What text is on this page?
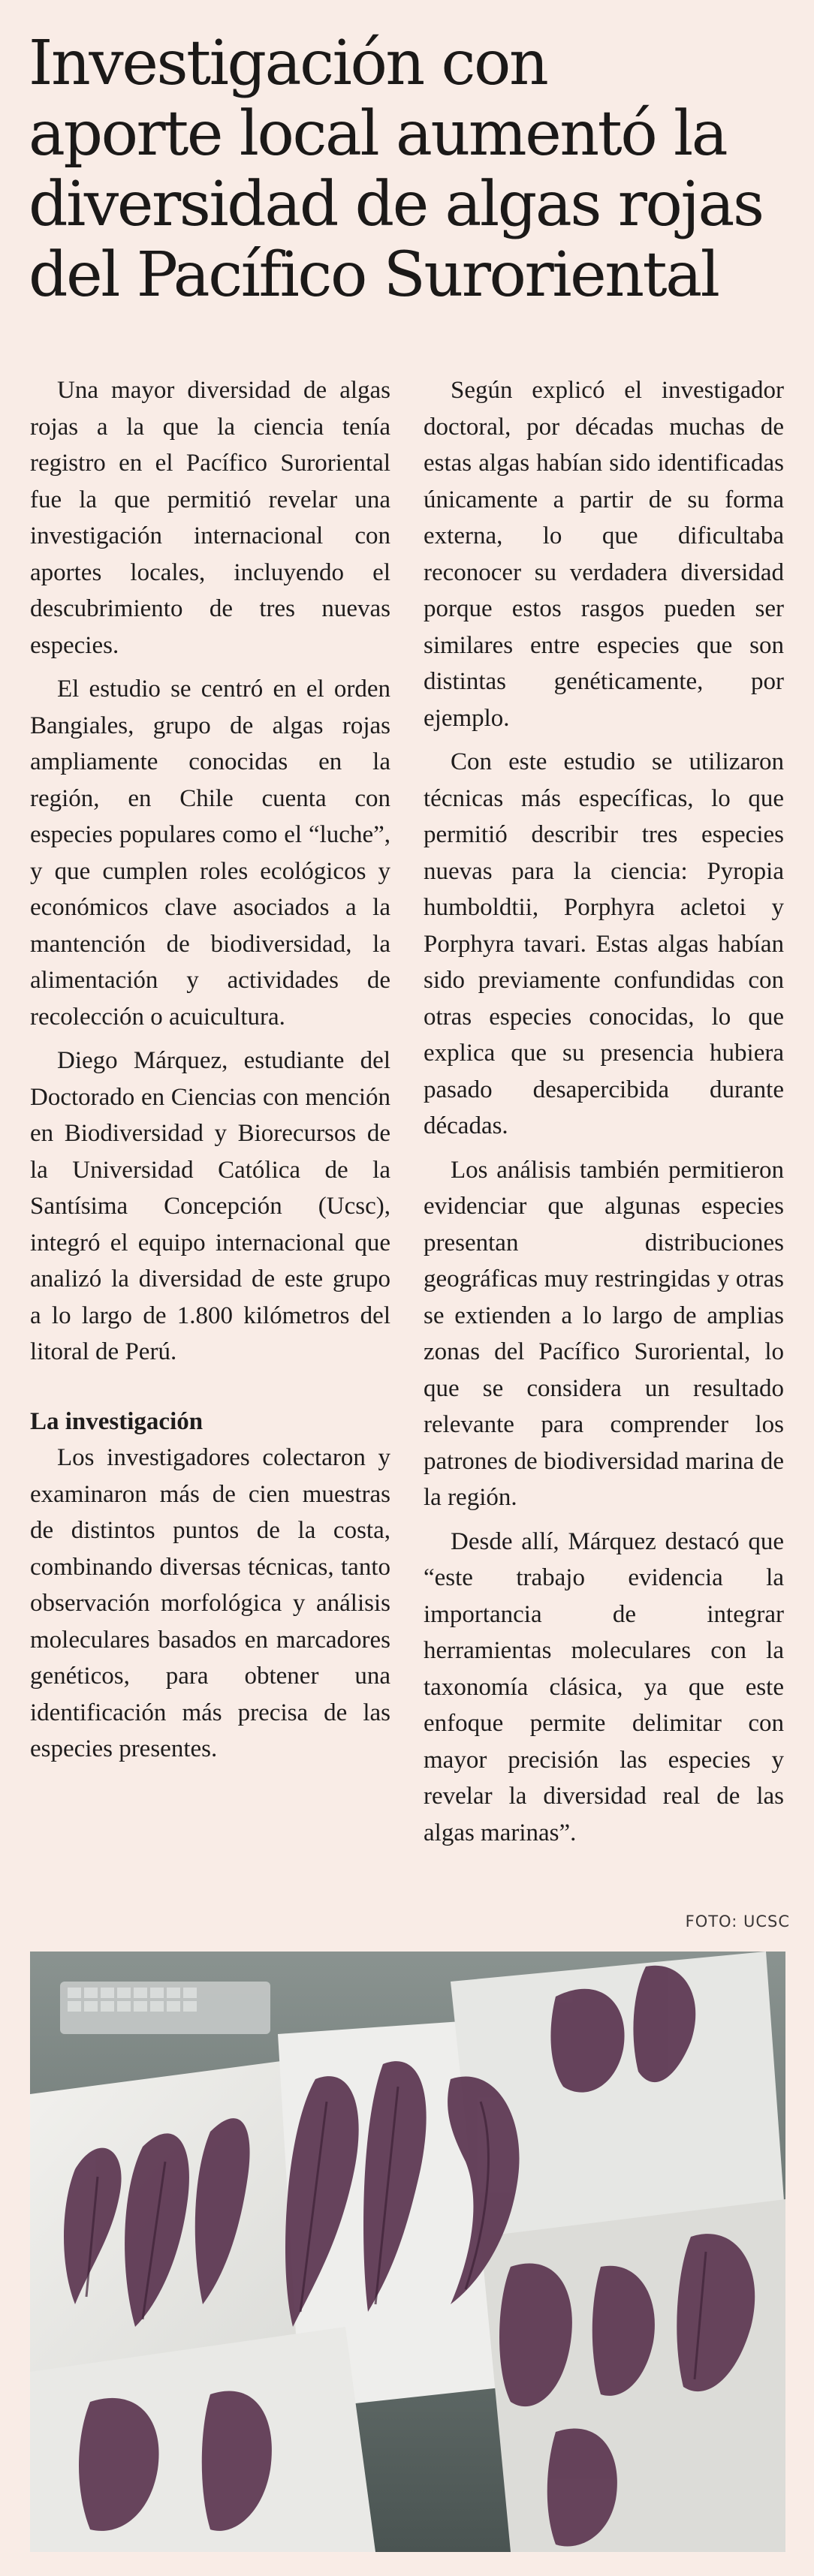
Investigación con
aporte local aumentó la
diversidad de algas rojas
del Pacífico Suroriental

Una mayor diversidad de algas rojas a la que la ciencia tenía registro en el Pacífico Suroriental fue la que permitió revelar una investigación internacional con aportes locales, incluyendo el descubrimiento de tres nuevas especies.

El estudio se centró en el orden Bangiales, grupo de algas rojas ampliamente conocidas en la región, en Chile cuenta con especies populares como el “luche”, y que cumplen roles ecológicos y económicos clave asociados a la mantención de biodiversidad, la alimentación y actividades de recolección o acuicultura.

Diego Márquez, estudiante del Doctorado en Ciencias con mención en Biodiversidad y Biorecursos de la Universidad Católica de la Santísima Concepción (Ucsc), integró el equipo internacional que analizó la diversidad de este grupo a lo largo de 1.800 kilómetros del litoral de Perú.

La investigación

Los investigadores colectaron y examinaron más de cien muestras de distintos puntos de la costa, combinando diversas técnicas, tanto observación morfológica y análisis moleculares basados en marcadores genéticos, para obtener una identificación más precisa de las especies presentes.

Según explicó el investigador doctoral, por décadas muchas de estas algas habían sido identificadas únicamente a partir de su forma externa, lo que dificultaba reconocer su verdadera diversidad porque estos rasgos pueden ser similares entre especies que son distintas genéticamente, por ejemplo.

Con este estudio se utilizaron técnicas más específicas, lo que permitió describir tres especies nuevas para la ciencia: Pyropia humboldtii, Porphyra acletoi y Porphyra tavari. Estas algas habían sido previamente confundidas con otras especies conocidas, lo que explica que su presencia hubiera pasado desapercibida durante décadas.

Los análisis también permitieron evidenciar que algunas especies presentan distribuciones geográficas muy restringidas y otras se extienden a lo largo de amplias zonas del Pacífico Suroriental, lo que se considera un resultado relevante para comprender los patrones de biodiversidad marina de la región.

Desde allí, Márquez destacó que “este trabajo evidencia la importancia de integrar herramientas moleculares con la taxonomía clásica, ya que este enfoque permite delimitar con mayor precisión las especies y revelar la diversidad real de las algas marinas”.

FOTO: UCSC
